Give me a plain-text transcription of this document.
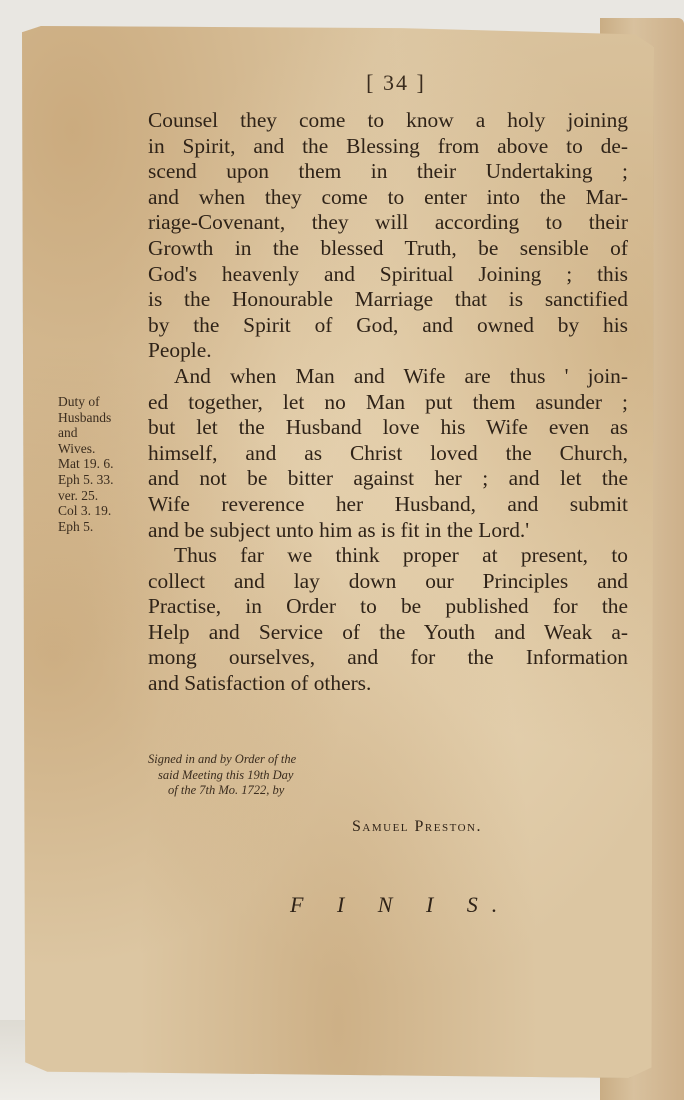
[ 34 ]
Counsel they come to know a holy joining
in Spirit, and the Blessing from above to de-
scend upon them in their Undertaking ;
and when they come to enter into the Mar-
riage-Covenant, they will according to their
Growth in the blessed Truth, be sensible of
God's heavenly and Spiritual Joining ; this
is the Honourable Marriage that is sanctified
by the Spirit of God, and owned by his
People.
And when Man and Wife are thus ' join-
ed together, let no Man put them asunder ;
but let the Husband love his Wife even as
himself, and as Christ loved the Church,
and not be bitter against her ; and let the
Wife reverence her Husband, and submit
and be subject unto him as is fit in the Lord.'
Thus far we think proper at present, to
collect and lay down our Principles and
Practise, in Order to be published for the
Help and Service of the Youth and Weak a-
mong ourselves, and for the Information
and Satisfaction of others.
Duty of
Husbands
and
Wives.
Mat 19. 6.
Eph 5. 33.
ver. 25.
Col 3. 19.
Eph 5.
Signed in and by Order of the
said Meeting this 19th Day
of the 7th Mo. 1722, by
Samuel Preston.
F I N I S.
